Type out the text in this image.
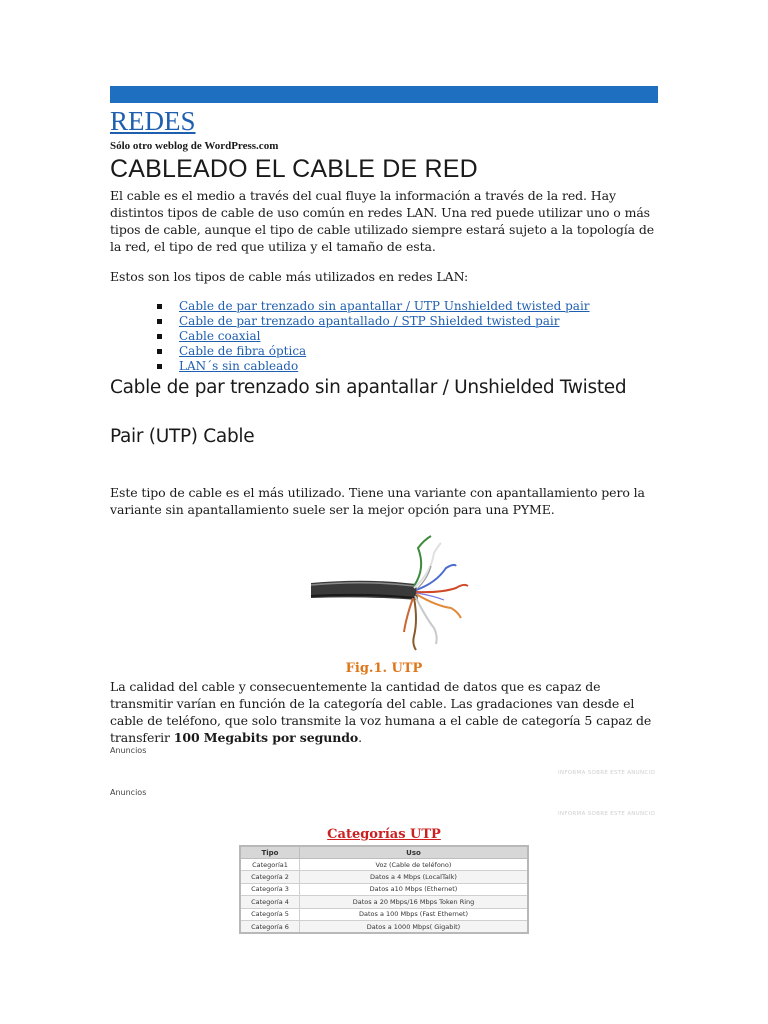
REDES

Sólo otro weblog de WordPress.com

CABLEADO EL CABLE DE RED

El cable es el medio a través del cual fluye la información a través de la red. Hay distintos tipos de cable de uso común en redes LAN. Una red puede utilizar uno o más tipos de cable, aunque el tipo de cable utilizado siempre estará sujeto a la topología de la red, el tipo de red que utiliza y el tamaño de esta.

Estos son los tipos de cable más utilizados en redes LAN:

Cable de par trenzado sin apantallar / UTP Unshielded twisted pair
Cable de par trenzado apantallado / STP Shielded twisted pair
Cable coaxial
Cable de fibra óptica
LAN´s sin cableado
Cable de par trenzado sin apantallar / Unshielded Twisted
Pair (UTP) Cable

Este tipo de cable es el más utilizado. Tiene una variante con apantallamiento pero la variante sin apantallamiento suele ser la mejor opción para una PYME.

Fig.1. UTP

La calidad del cable y consecuentemente la cantidad de datos que es capaz de transmitir varían en función de la categoría del cable. Las gradaciones van desde el cable de teléfono, que solo transmite la voz humana a el cable de categoría 5 capaz de transferir 100 Megabits por segundo.

Anuncios

INFORMA SOBRE ESTE ANUNCIO

Anuncios

INFORMA SOBRE ESTE ANUNCIO

Categorías UTP

Tipo	Uso
Categoría1	Voz (Cable de teléfono)
Categoría 2	Datos a 4 Mbps (LocalTalk)
Categoría 3	Datos a10 Mbps (Ethernet)
Categoría 4	Datos a 20 Mbps/16 Mbps Token Ring
Categoría 5	Datos a 100 Mbps (Fast Ethernet)
Categoría 6	Datos a 1000 Mbps( Gigabit)
